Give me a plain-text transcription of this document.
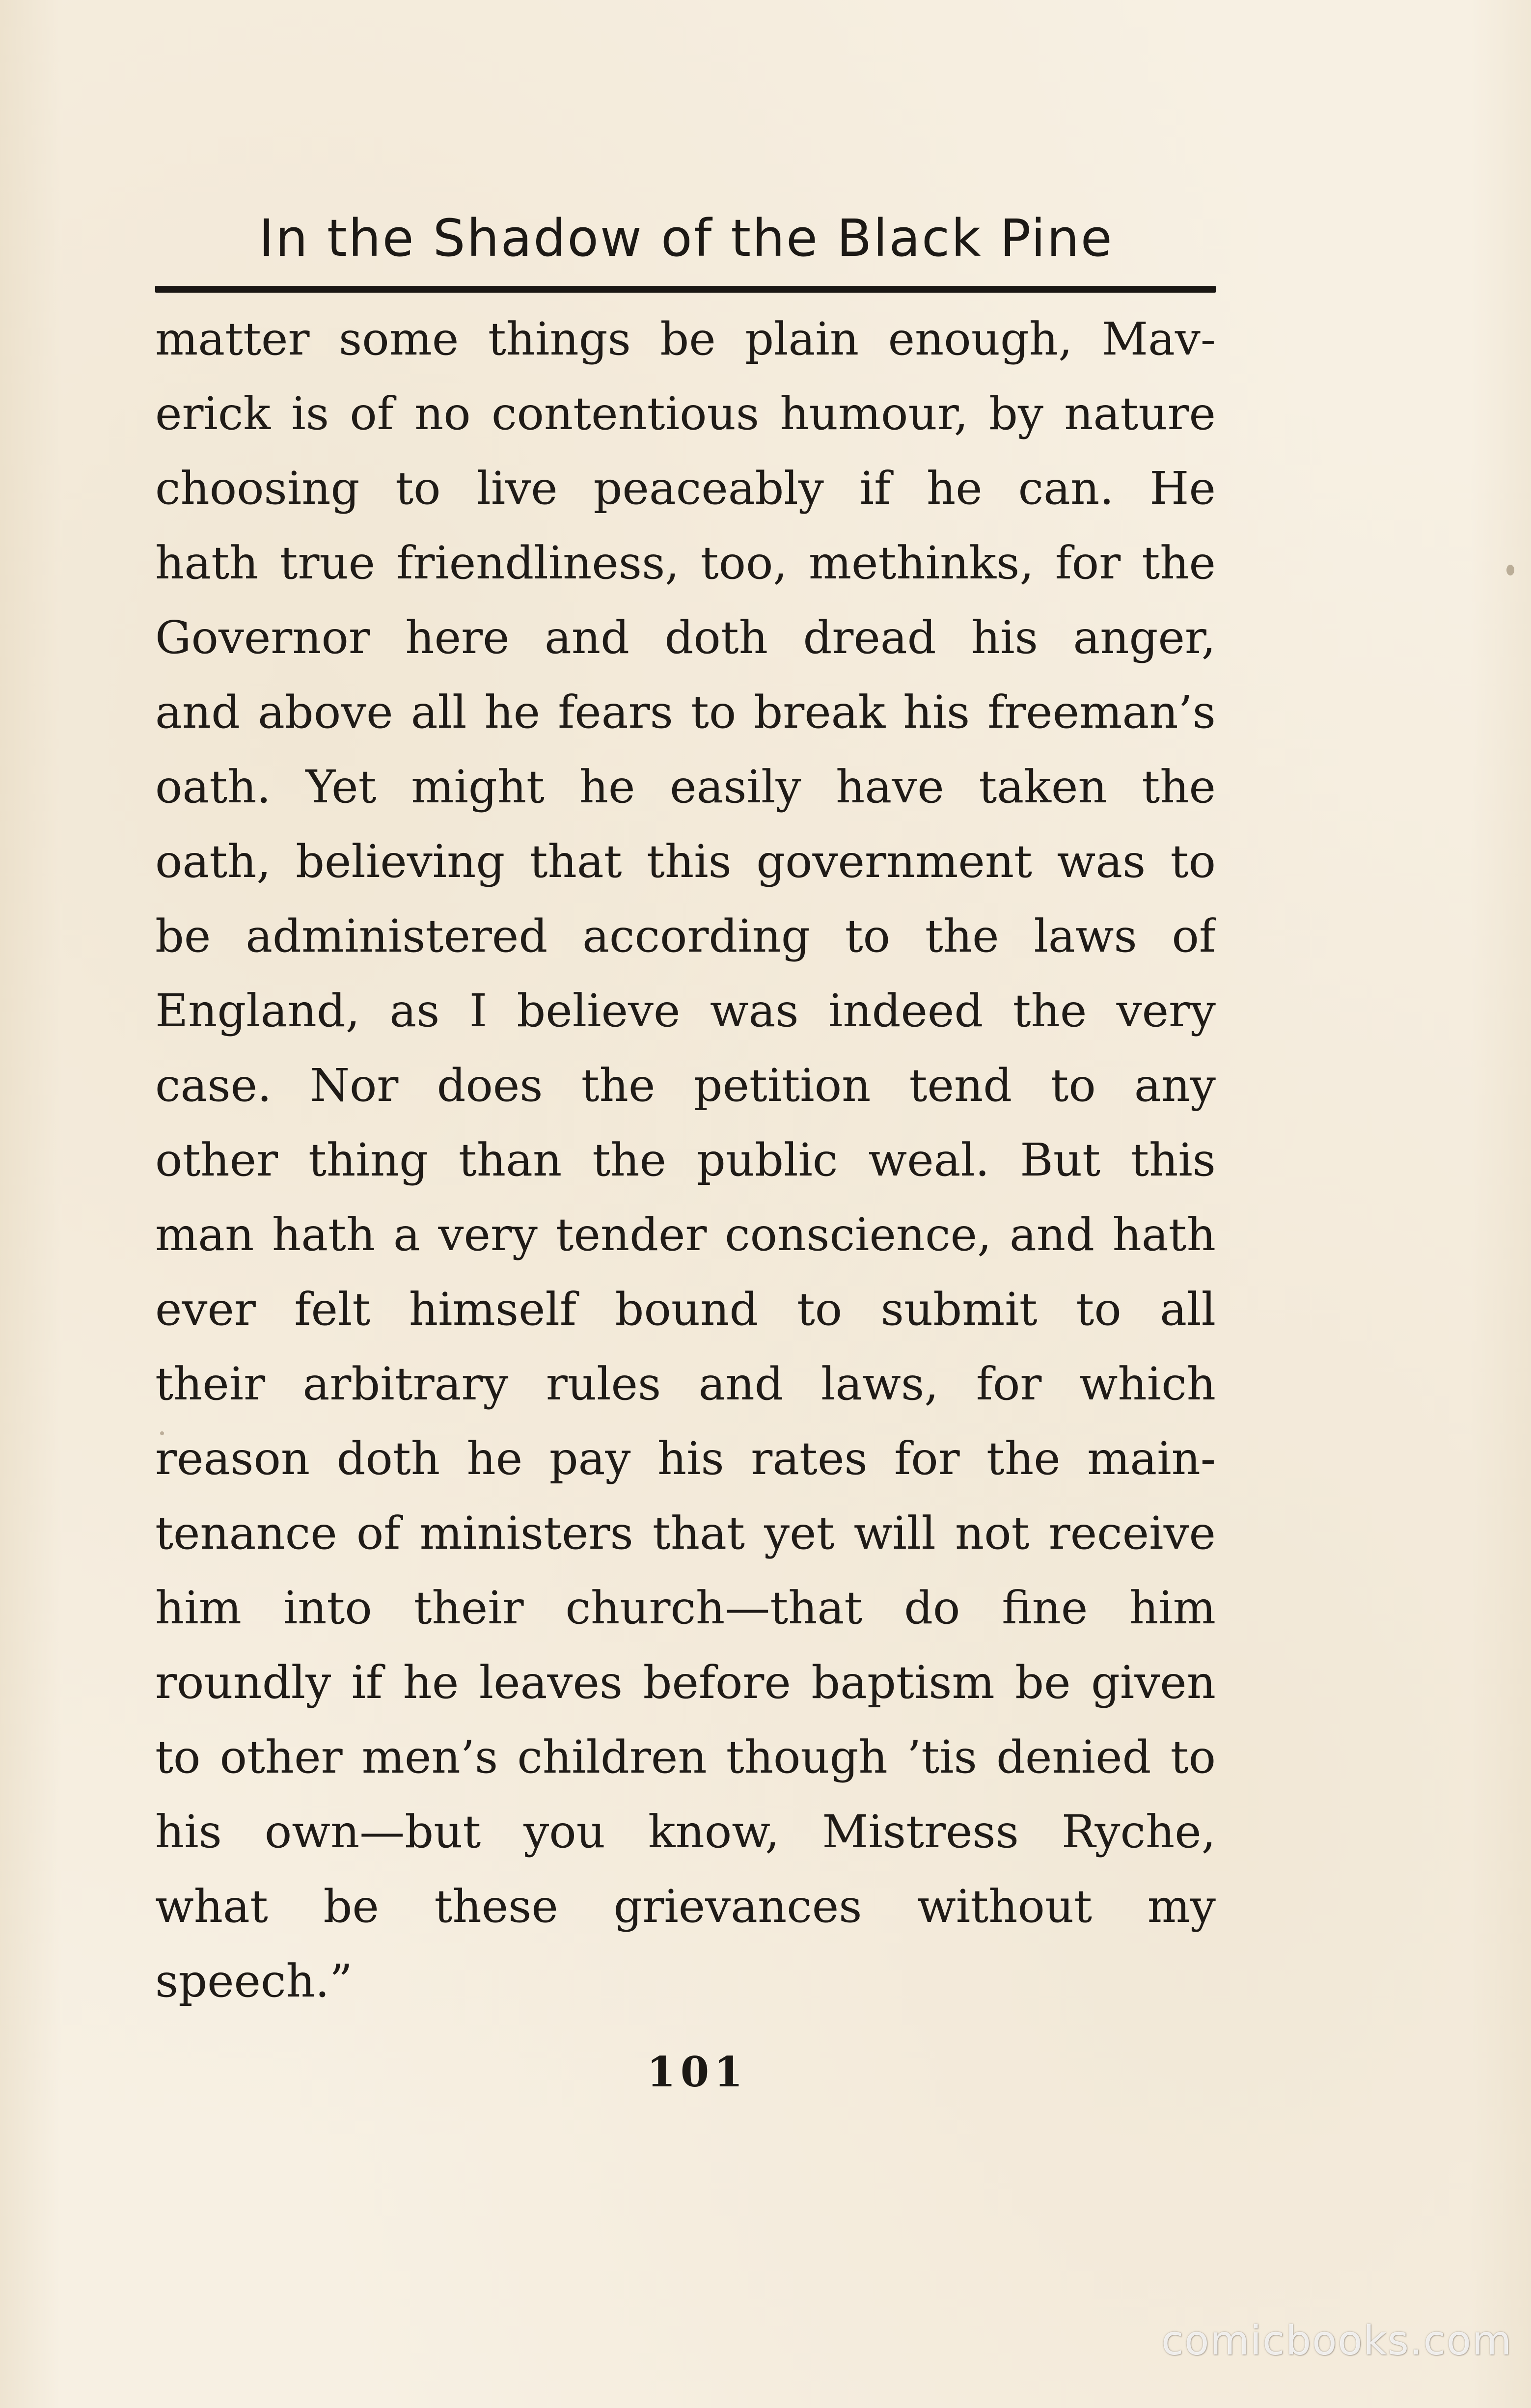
In the Shadow of the Black Pine
matter some things be plain enough, Mav-
erick is of no contentious humour, by nature
choosing to live peaceably if he can. He
hath true friendliness, too, methinks, for the
Governor here and doth dread his anger,
and above all he fears to break his freeman’s
oath. Yet might he easily have taken the
oath, believing that this government was to
be administered according to the laws of
England, as I believe was indeed the very
case. Nor does the petition tend to any
other thing than the public weal. But this
man hath a very tender conscience, and hath
ever felt himself bound to submit to all
their arbitrary rules and laws, for which
reason doth he pay his rates for the main-
tenance of ministers that yet will not receive
him into their church—that do fine him
roundly if he leaves before baptism be given
to other men’s children though ’tis denied to
his own—but you know, Mistress Ryche,
what be these grievances without my
speech.”
101
comicbooks.com
